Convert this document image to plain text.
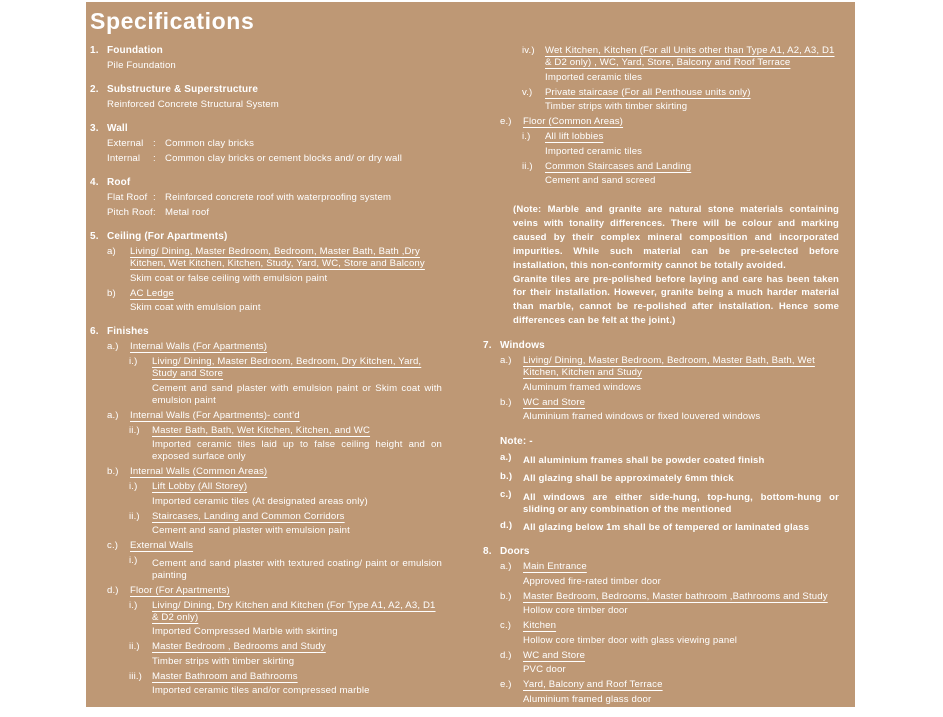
Specifications
1. Foundation
Pile Foundation
2. Substructure & Superstructure
Reinforced Concrete Structural System
3. Wall
External : Common clay bricks
Internal	: Common clay bricks or cement blocks and/ or dry wall
4. Roof
Flat Roof : Reinforced concrete roof with waterproofing system
Pitch Roof : Metal roof
5. Ceiling (For Apartments)
a)	Living/ Dining, Master Bedroom, Bedroom, Master Bath, Bath ,Dry Kitchen, Wet Kitchen, Kitchen, Study, Yard, WC, Store and Balcony
Skim coat or false ceiling with emulsion paint
b)	AC Ledge
Skim coat with emulsion paint
6. Finishes
a.)	Internal Walls (For Apartments)
i.)	Living/ Dining, Master Bedroom, Bedroom, Dry Kitchen, Yard, Study and Store
Cement and sand plaster with emulsion paint or Skim coat with emulsion paint
a.)	Internal Walls (For Apartments)- cont’d
ii.)	Master Bath, Bath, Wet Kitchen, Kitchen, and WC
Imported ceramic tiles laid up to false ceiling height and on exposed surface only
b.)	Internal Walls (Common Areas)
i.)	Lift Lobby (All Storey)
Imported ceramic tiles (At designated areas only)
ii.)	Staircases, Landing and Common Corridors
Cement and sand plaster with emulsion paint
c.)	External Walls
i.)	Cement and sand plaster with textured coating/ paint or emulsion painting
d.)	Floor (For Apartments)
i.)	Living/ Dining, Dry Kitchen and Kitchen (For Type A1, A2, A3, D1 & D2 only)
Imported Compressed Marble with skirting
ii.)	Master Bedroom , Bedrooms and Study
Timber strips with timber skirting
iii.)	Master Bathroom and Bathrooms
Imported ceramic tiles and/or compressed marble
iv.)	Wet Kitchen, Kitchen (For all Units other than Type A1, A2, A3, D1 & D2 only) , WC, Yard, Store, Balcony and Roof Terrace
Imported ceramic tiles
v.)	Private staircase (For all Penthouse units only)
Timber strips with timber skirting
e.)	Floor (Common Areas)
i.)	All lift lobbies
Imported ceramic tiles
ii.)	Common Staircases and Landing
Cement and sand screed

(Note: Marble and granite are natural stone materials containing veins with tonality differences. There will be colour and marking caused by their complex mineral composition and incorporated impurities. While such material can be pre-selected before installation, this non-conformity cannot be totally avoided.

Granite tiles are pre-polished before laying and care has been taken for their installation. However, granite being a much harder material than marble, cannot be re-polished after installation. Hence some differences can be felt at the joint.)

7. Windows
a.)	Living/ Dining, Master Bedroom, Bedroom, Master Bath, Bath, Wet Kitchen, Kitchen and Study
Aluminum framed windows
b.)	WC and Store
Aluminium framed windows or fixed louvered windows
Note: -
a.)	All aluminium frames shall be powder coated finish
b.)	All glazing shall be approximately 6mm thick
c.)	All windows are either side-hung, top-hung, bottom-hung or sliding or any combination of the mentioned
d.)	All glazing below 1m shall be of tempered or laminated glass
8. Doors
a.)	Main Entrance
Approved fire-rated timber door
b.)	Master Bedroom, Bedrooms, Master bathroom ,Bathrooms and Study
Hollow core timber door
c.)	Kitchen
Hollow core timber door with glass viewing panel
d.)	WC and Store
PVC door
e.)	Yard, Balcony and Roof Terrace
Aluminium framed glass door
